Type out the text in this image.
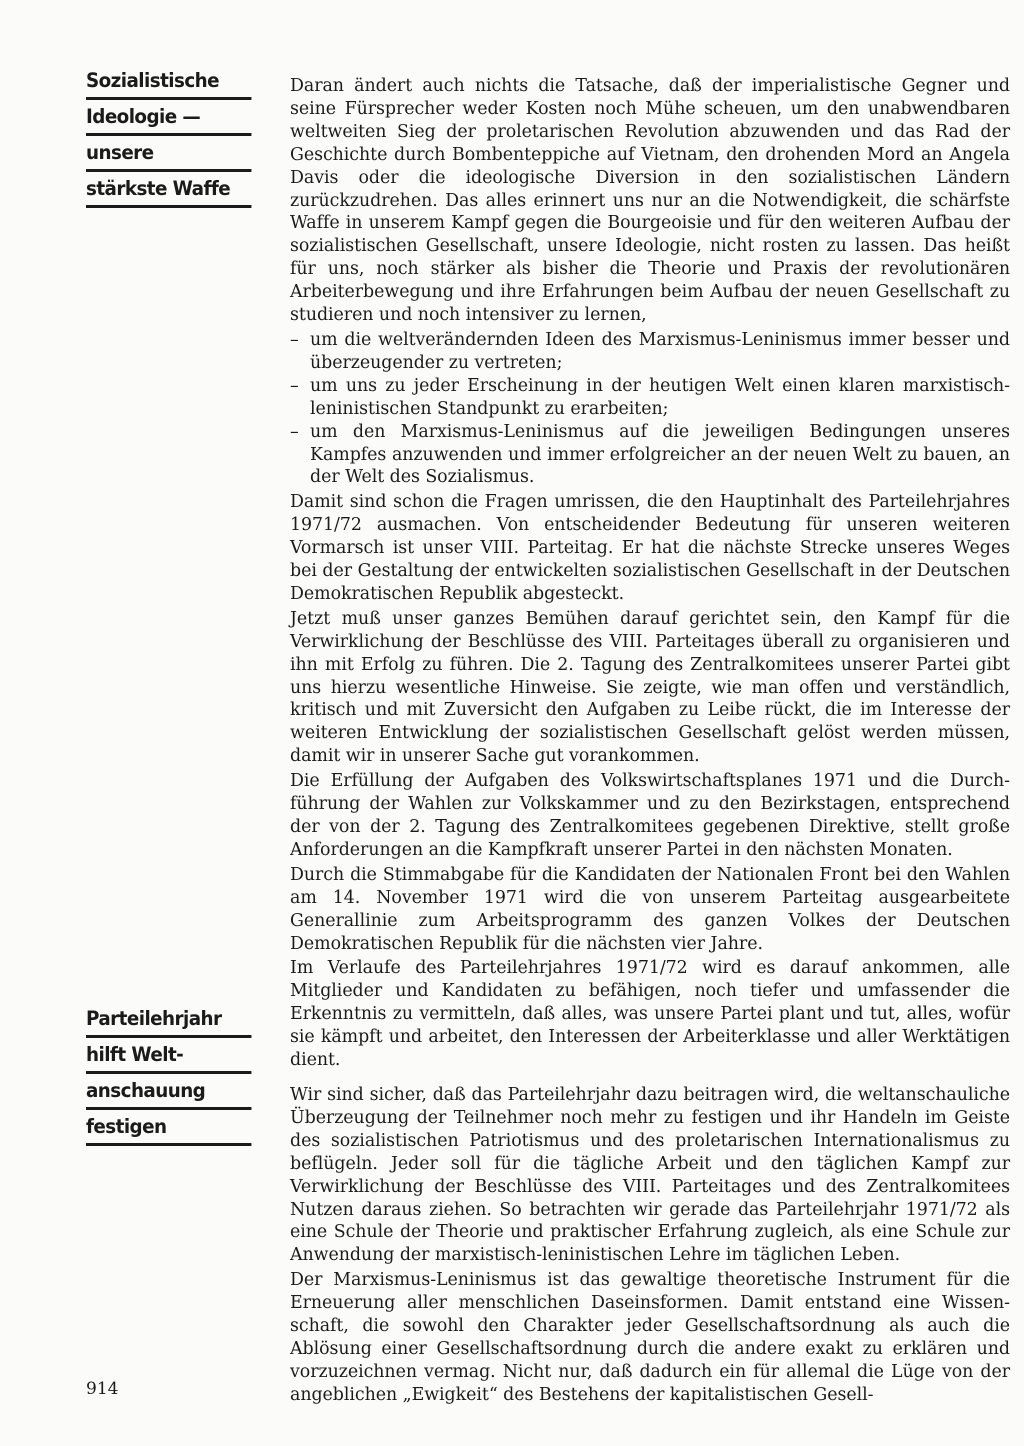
Sozialistische
Ideologie —
unsere
stärkste Waffe
Parteilehrjahr
hilft Welt-
anschauung
festigen

Daran ändert auch nichts die Tatsache, daß der imperialistische Gegner und seine Fürsprecher weder Kosten noch Mühe scheuen, um den unabwendbaren weltweiten Sieg der proletarischen Revolution abzuwenden und das Rad der Geschichte durch Bombenteppiche auf Vietnam, den drohenden Mord an Angela Davis oder die ideologische Diversion in den sozialistischen Ländern zurückzudrehen. Das alles erinnert uns nur an die Notwendigkeit, die schärfste Waffe in unserem Kampf gegen die Bourgeoisie und für den weiteren Aufbau der sozialistischen Gesellschaft, unsere Ideologie, nicht rosten zu lassen. Das heißt für uns, noch stärker als bisher die Theorie und Praxis der revolutionären Arbeiterbewegung und ihre Erfahrungen beim Aufbau der neuen Gesellschaft zu studieren und noch intensiver zu lernen,

– um die weltverändernden Ideen des Marxismus-Leninismus immer besser und überzeugender zu vertreten;
– um uns zu jeder Erscheinung in der heutigen Welt einen klaren marxistisch-leninistischen Standpunkt zu erarbeiten;
– um den Marxismus-Leninismus auf die jeweiligen Bedingungen unseres Kampfes anzuwenden und immer erfolgreicher an der neuen Welt zu bauen, an der Welt des Sozialismus.

Damit sind schon die Fragen umrissen, die den Hauptinhalt des Parteilehrjahres 1971/72 ausmachen. Von entscheidender Bedeutung für unseren weiteren Vormarsch ist unser VIII. Parteitag. Er hat die nächste Strecke unseres Weges bei der Gestaltung der entwickelten sozialistischen Gesellschaft in der Deutschen Demokratischen Republik abgesteckt.

Jetzt muß unser ganzes Bemühen darauf gerichtet sein, den Kampf für die Verwirklichung der Beschlüsse des VIII. Parteitages überall zu organisieren und ihn mit Erfolg zu führen. Die 2. Tagung des Zentralkomitees unserer Partei gibt uns hierzu wesentliche Hinweise. Sie zeigte, wie man offen und verständlich, kritisch und mit Zuversicht den Aufgaben zu Leibe rückt, die im Interesse der weiteren Entwicklung der sozialistischen Gesellschaft gelöst werden müssen, damit wir in unserer Sache gut vorankommen.

Die Erfüllung der Aufgaben des Volkswirtschaftsplanes 1971 und die Durchführung der Wahlen zur Volkskammer und zu den Bezirkstagen, entsprechend der von der 2. Tagung des Zentralkomitees gegebenen Direktive, stellt große Anforderungen an die Kampfkraft unserer Partei in den nächsten Monaten.

Durch die Stimmabgabe für die Kandidaten der Nationalen Front bei den Wahlen am 14. November 1971 wird die von unserem Parteitag ausgearbeitete Generallinie zum Arbeitsprogramm des ganzen Volkes der Deutschen Demokratischen Republik für die nächsten vier Jahre.

Im Verlaufe des Parteilehrjahres 1971/72 wird es darauf ankommen, alle Mitglieder und Kandidaten zu befähigen, noch tiefer und umfassender die Erkenntnis zu vermitteln, daß alles, was unsere Partei plant und tut, alles, wofür sie kämpft und arbeitet, den Interessen der Arbeiterklasse und aller Werktätigen dient.

Wir sind sicher, daß das Parteilehrjahr dazu beitragen wird, die weltanschauliche Überzeugung der Teilnehmer noch mehr zu festigen und ihr Handeln im Geiste des sozialistischen Patriotismus und des proletarischen Internationalismus zu beflügeln. Jeder soll für die tägliche Arbeit und den täglichen Kampf zur Verwirklichung der Beschlüsse des VIII. Parteitages und des Zentralkomitees Nutzen daraus ziehen. So betrachten wir gerade das Parteilehrjahr 1971/72 als eine Schule der Theorie und praktischer Erfahrung zugleich, als eine Schule zur Anwendung der marxistisch-leninistischen Lehre im täglichen Leben.

Der Marxismus-Leninismus ist das gewaltige theoretische Instrument für die Erneuerung aller menschlichen Daseinsformen. Damit entstand eine Wissenschaft, die sowohl den Charakter jeder Gesellschaftsordnung als auch die Ablösung einer Gesellschaftsordnung durch die andere exakt zu erklären und vorzuzeichnen vermag. Nicht nur, daß dadurch ein für allemal die Lüge von der angeblichen „Ewigkeit“ des Bestehens der kapitalistischen Gesell-

914
